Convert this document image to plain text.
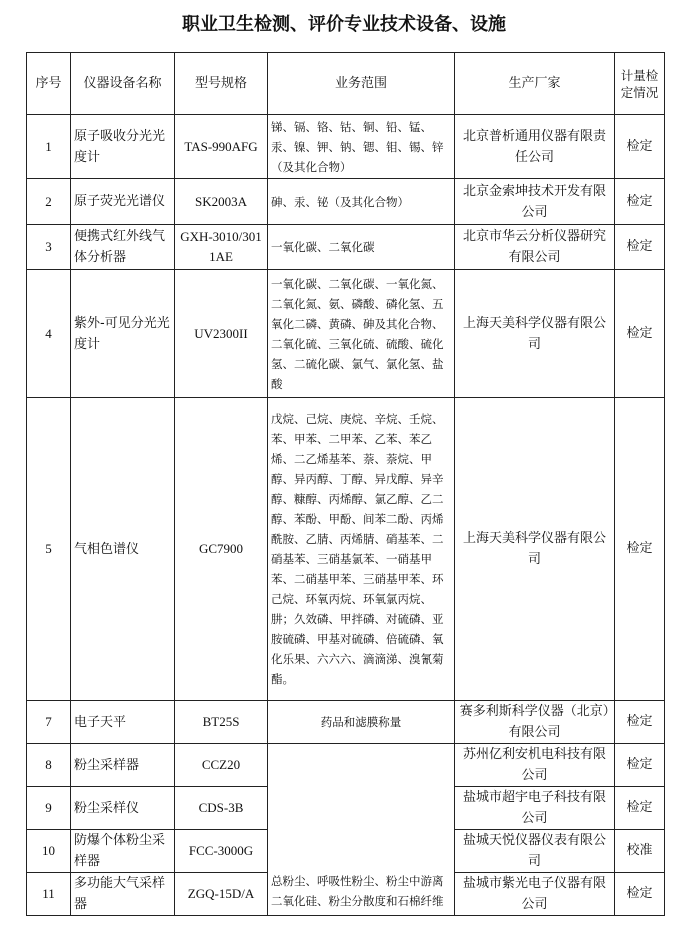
职业卫生检测、评价专业技术设备、设施
序号	仪器设备名称	型号规格	业务范围	生产厂家	计量检定情况
1	原子吸收分光光度计	TAS-990AFG	锑、镉、铬、钴、铜、铅、锰、汞、镍、钾、钠、锶、钼、锡、锌（及其化合物）	北京普析通用仪器有限责任公司	检定
2	原子荧光光谱仪	SK2003A	砷、汞、铋（及其化合物）	北京金索坤技术开发有限公司	检定
3	便携式红外线气体分析器	GXH-3010/3011AE	一氧化碳、二氧化碳	北京市华云分析仪器研究有限公司	检定
4	紫外-可见分光光度计	UV2300II	一氧化碳、二氧化碳、一氧化氮、二氧化氮、氨、磷酸、磷化氢、五氧化二磷、黄磷、砷及其化合物、二氧化硫、三氧化硫、硫酸、硫化氢、二硫化碳、氯气、氯化氢、盐酸	上海天美科学仪器有限公司	检定
5	气相色谱仪	GC7900	戊烷、己烷、庚烷、辛烷、壬烷、苯、甲苯、二甲苯、乙苯、苯乙烯、二乙烯基苯、萘、萘烷、甲醇、异丙醇、丁醇、异戊醇、异辛醇、糠醇、丙烯醇、氯乙醇、乙二醇、苯酚、甲酚、间苯二酚、丙烯酰胺、乙腈、丙烯腈、硝基苯、二硝基苯、三硝基氯苯、一硝基甲苯、二硝基甲苯、三硝基甲苯、环己烷、环氧丙烷、环氧氯丙烷、肼；久效磷、甲拌磷、对硫磷、亚胺硫磷、甲基对硫磷、倍硫磷、氧化乐果、六六六、滴滴涕、溴氰菊酯。	上海天美科学仪器有限公司	检定
7	电子天平	BT25S	药品和滤膜称量	赛多利斯科学仪器（北京）有限公司	检定
8	粉尘采样器	CCZ20	总粉尘、呼吸性粉尘、粉尘中游离二氧化硅、粉尘分散度和石棉纤维	苏州亿利安机电科技有限公司	检定
9	粉尘采样仪	CDS-3B		盐城市超宇电子科技有限公司	检定
10	防爆个体粉尘采样器	FCC-3000G		盐城天悦仪器仪表有限公司	校准
11	多功能大气采样器	ZGQ-15D/A		盐城市紫光电子仪器有限公司	检定
